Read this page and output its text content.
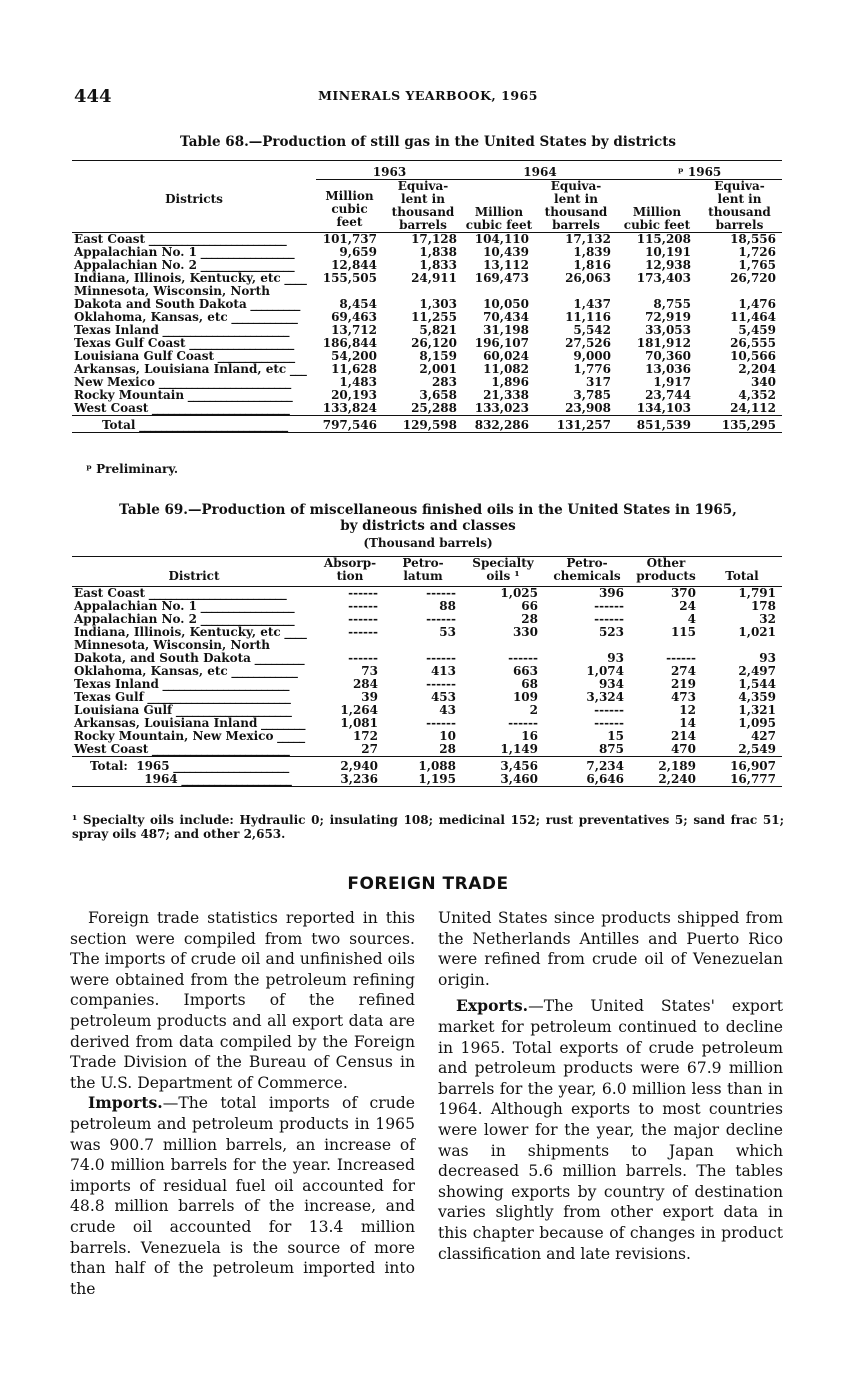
444	MINERALS YEARBOOK, 1965
Table 68.—Production of still gas in the United States by districts
Districts	1963		1964		ᵖ 1965	
	Million cubic feet	Equiva- lent in thousand barrels	Million cubic feet	Equiva- lent in thousand barrels	Million cubic feet	Equiva- lent in thousand barrels
East Coast _________________________	101,737	17,128	104,110	17,132	115,208	18,556
Appalachian No. 1 _________________	9,659	1,838	10,439	1,839	10,191	1,726
Appalachian No. 2 _________________	12,844	1,833	13,112	1,816	12,938	1,765
Indiana, Illinois, Kentucky, etc ____	155,505	24,911	169,473	26,063	173,403	26,720
Minnesota, Wisconsin, North						
Dakota and South Dakota _________	8,454	1,303	10,050	1,437	8,755	1,476
Oklahoma, Kansas, etc ____________	69,463	11,255	70,434	11,116	72,919	11,464
Texas Inland _______________________	13,712	5,821	31,198	5,542	33,053	5,459
Texas Gulf Coast ___________________	186,844	26,120	196,107	27,526	181,912	26,555
Louisiana Gulf Coast ______________	54,200	8,159	60,024	9,000	70,360	10,566
Arkansas, Louisiana Inland, etc ___	11,628	2,001	11,082	1,776	13,036	2,204
New Mexico ________________________	1,483	283	1,896	317	1,917	340
Rocky Mountain ___________________	20,193	3,658	21,338	3,785	23,744	4,352
West Coast _________________________	133,824	25,288	133,023	23,908	134,103	24,112
Total ___________________________	797,546	129,598	832,286	131,257	851,539	135,295

ᵖ Preliminary.
Table 69.—Production of miscellaneous finished oils in the United States in 1965,
by districts and classes
(Thousand barrels)
District	Absorp- tion	Petro- latum	Specialty oils ¹	Petro- chemicals	Other products	Total
East Coast _________________________	------	------	1,025	396	370	1,791
Appalachian No. 1 _________________	------	88	66	------	24	178
Appalachian No. 2 _________________	------	------	28	------	4	32
Indiana, Illinois, Kentucky, etc ____	------	53	330	523	115	1,021
Minnesota, Wisconsin, North						
Dakota, and South Dakota _________	------	------	------	93	------	93
Oklahoma, Kansas, etc ____________	73	413	663	1,074	274	2,497
Texas Inland _______________________	284	------	68	934	219	1,544
Texas Gulf __________________________	39	453	109	3,324	473	4,359
Louisiana Gulf _____________________	1,264	43	2	------	12	1,321
Arkansas, Louisiana Inland ________	1,081	------	------	------	14	1,095
Rocky Mountain, New Mexico _____	172	10	16	15	214	427
West Coast _________________________	27	28	1,149	875	470	2,549
Total:  1965 _____________________	2,940	1,088	3,456	7,234	2,189	16,907
1964 ____________________	3,236	1,195	3,460	6,646	2,240	16,777

¹ Specialty oils include: Hydraulic 0; insulating 108; medicinal 152; rust preventatives 5; sand frac 51; spray oils 487; and other 2,653.
FOREIGN TRADE

Foreign trade statistics reported in this section were compiled from two sources. The imports of crude oil and unfinished oils were obtained from the petroleum refining companies. Imports of the refined petroleum products and all export data are derived from data compiled by the Foreign Trade Division of the Bureau of Census in the U.S. Department of Commerce.

Imports.—The total imports of crude petroleum and petroleum products in 1965 was 900.7 million barrels, an increase of 74.0 million barrels for the year. Increased imports of residual fuel oil accounted for 48.8 million barrels of the increase, and crude oil accounted for 13.4 million barrels. Venezuela is the source of more than half of the petroleum imported into the

United States since products shipped from the Netherlands Antilles and Puerto Rico were refined from crude oil of Venezuelan origin.

Exports.—The United States' export market for petroleum continued to decline in 1965. Total exports of crude petroleum and petroleum products were 67.9 million barrels for the year, 6.0 million less than in 1964. Although exports to most countries were lower for the year, the major decline was in shipments to Japan which decreased 5.6 million barrels. The tables showing exports by country of destination varies slightly from other export data in this chapter because of changes in product classification and late revisions.
